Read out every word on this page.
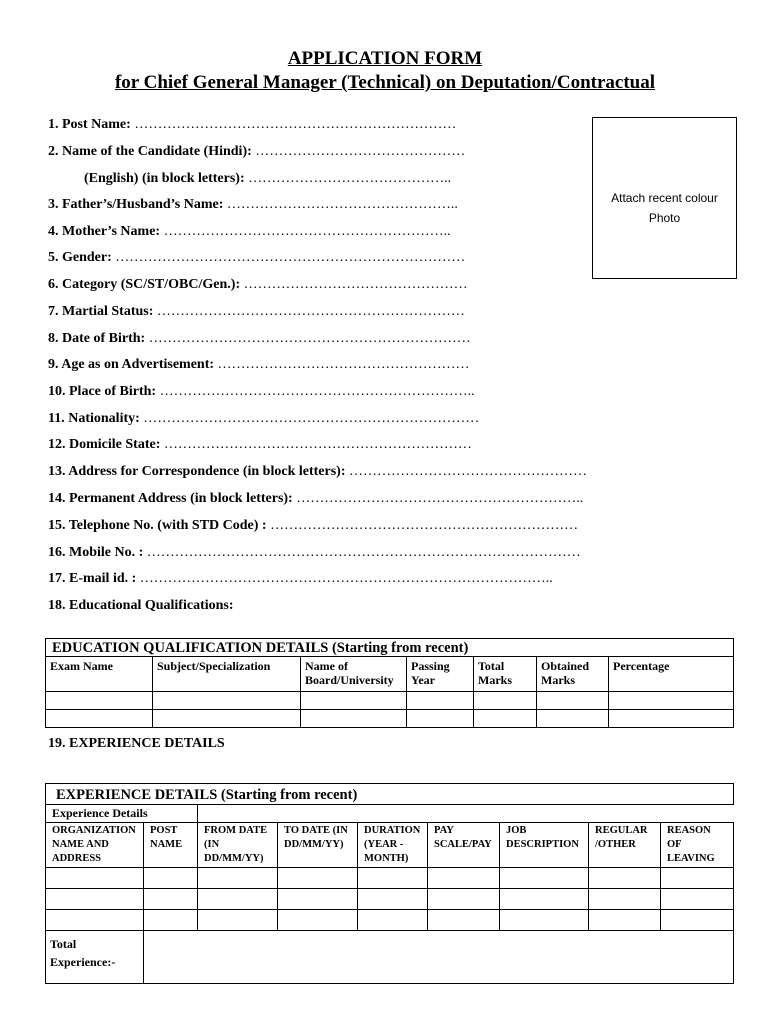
APPLICATION FORM
for Chief General Manager (Technical) on Deputation/Contractual
Attach recent colour
Photo
1. Post Name: ……………………………………………………………
2. Name of the Candidate (Hindi): ………………………………………
(English) (in block letters): ……………………………………..
3. Father’s/Husband’s Name: …………………………………………..
4. Mother’s Name: ……………………………………………………..
5. Gender: …………………………………………………………………
6. Category (SC/ST/OBC/Gen.): …………………………………………
7. Martial Status: …………………………………………………………
8. Date of Birth: ……………………………………………………………
9. Age as on Advertisement: ………………………………………………
10. Place of Birth: …………………………………………………………..
11. Nationality: ………………………………………………………………
12. Domicile State: …………………………………………………………
13. Address for Correspondence (in block letters): ……………………………………………
14. Permanent Address (in block letters): ……………………………………………………..
15. Telephone No. (with STD Code) : …………………………………………………………
16. Mobile No. : …………………………………………………………………………………
17. E-mail id. : ……………………………………………………………………………..
18. Educational Qualifications:
EDUCATION QUALIFICATION DETAILS (Starting from recent)						
Exam Name	Subject/Specialization	Name of Board/University	Passing Year	Total Marks	Obtained Marks	Percentage

19. EXPERIENCE DETAILS
EXPERIENCE DETAILS (Starting from recent)								
Experience Details								
ORGANIZATION NAME AND ADDRESS	POST NAME	FROM DATE (IN DD/MM/YY)	TO DATE (IN DD/MM/YY)	DURATION (YEAR - MONTH)	PAY SCALE/PAY	JOB DESCRIPTION	REGULAR /OTHER	REASON OF LEAVING

Total Experience:-								
